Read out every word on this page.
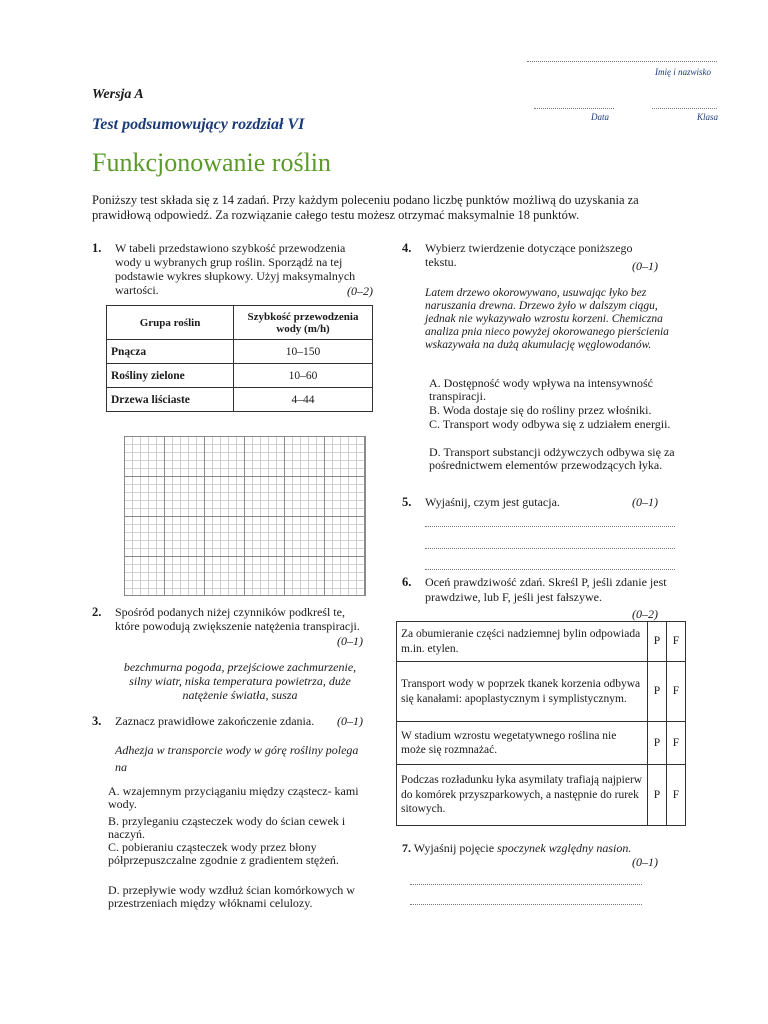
Imię i nazwisko
Data	Klasa
Wersja A
Test podsumowujący rozdział VI
Funkcjonowanie roślin
Poniższy test składa się z 14 zadań. Przy każdym poleceniu podano liczbę punktów możliwą do uzyskania za prawidłową odpowiedź. Za rozwiązanie całego testu możesz otrzymać maksymalnie 18 punktów.
1. W tabeli przedstawiono szybkość przewodzenia wody u wybranych grup roślin. Sporządź na tej podstawie wykres słupkowy. Użyj maksymalnych wartości.	(0–2)
Grupa roślin	Szybkość przewodzenia wody (m/h)
Pnącza	10–150
Rośliny zielone	10–60
Drzewa liściaste	4–44
2. Spośród podanych niżej czynników podkreśl te, które powodują zwiększenie natężenia transpiracji.
(0–1)
bezchmurna pogoda, przejściowe zachmurzenie, silny wiatr, niska temperatura powietrza, duże natężenie światła, susza
3. Zaznacz prawidłowe zakończenie zdania. (0–1)
Adhezja w transporcie wody w górę rośliny polega na
A. wzajemnym przyciąganiu między cząstecz- kami wody.
B. przyleganiu cząsteczek wody do ścian cewek i naczyń.
C. pobieraniu cząsteczek wody przez błony półprzepuszczalne zgodnie z gradientem stężeń.
D. przepływie wody wzdłuż ścian komórkowych w przestrzeniach między włóknami celulozy.
4. Wybierz twierdzenie dotyczące poniższego tekstu.	(0–1)
Latem drzewo okorowywano, usuwając łyko bez naruszania drewna. Drzewo żyło w dalszym ciągu, jednak nie wykazywało wzrostu korzeni. Chemiczna analiza pnia nieco powyżej okorowanego pierścienia wskazywała na dużą akumulację węglowodanów.
A. Dostępność wody wpływa na intensywność transpiracji.
B. Woda dostaje się do rośliny przez włośniki.
C. Transport wody odbywa się z udziałem energii.
D. Transport substancji odżywczych odbywa się za pośrednictwem elementów przewodzących łyka.
5. Wyjaśnij, czym jest gutacja.	(0–1)
6. Oceń prawdziwość zdań. Skreśl P, jeśli zdanie jest prawdziwe, lub F, jeśli jest fałszywe.
(0–2)
Za obumieranie części nadziemnej bylin odpowiada m.in. etylen.	P	F
Transport wody w poprzek tkanek korzenia odbywa się kanałami: apoplastycznym i symplistycznym.	P	F
W stadium wzrostu wegetatywnego roślina nie może się rozmnażać.	P	F
Podczas rozładunku łyka asymilaty trafiają najpierw do komórek przyszparkowych, a następnie do rurek sitowych.	P	F
7. Wyjaśnij pojęcie spoczynek względny nasion.
(0–1)
